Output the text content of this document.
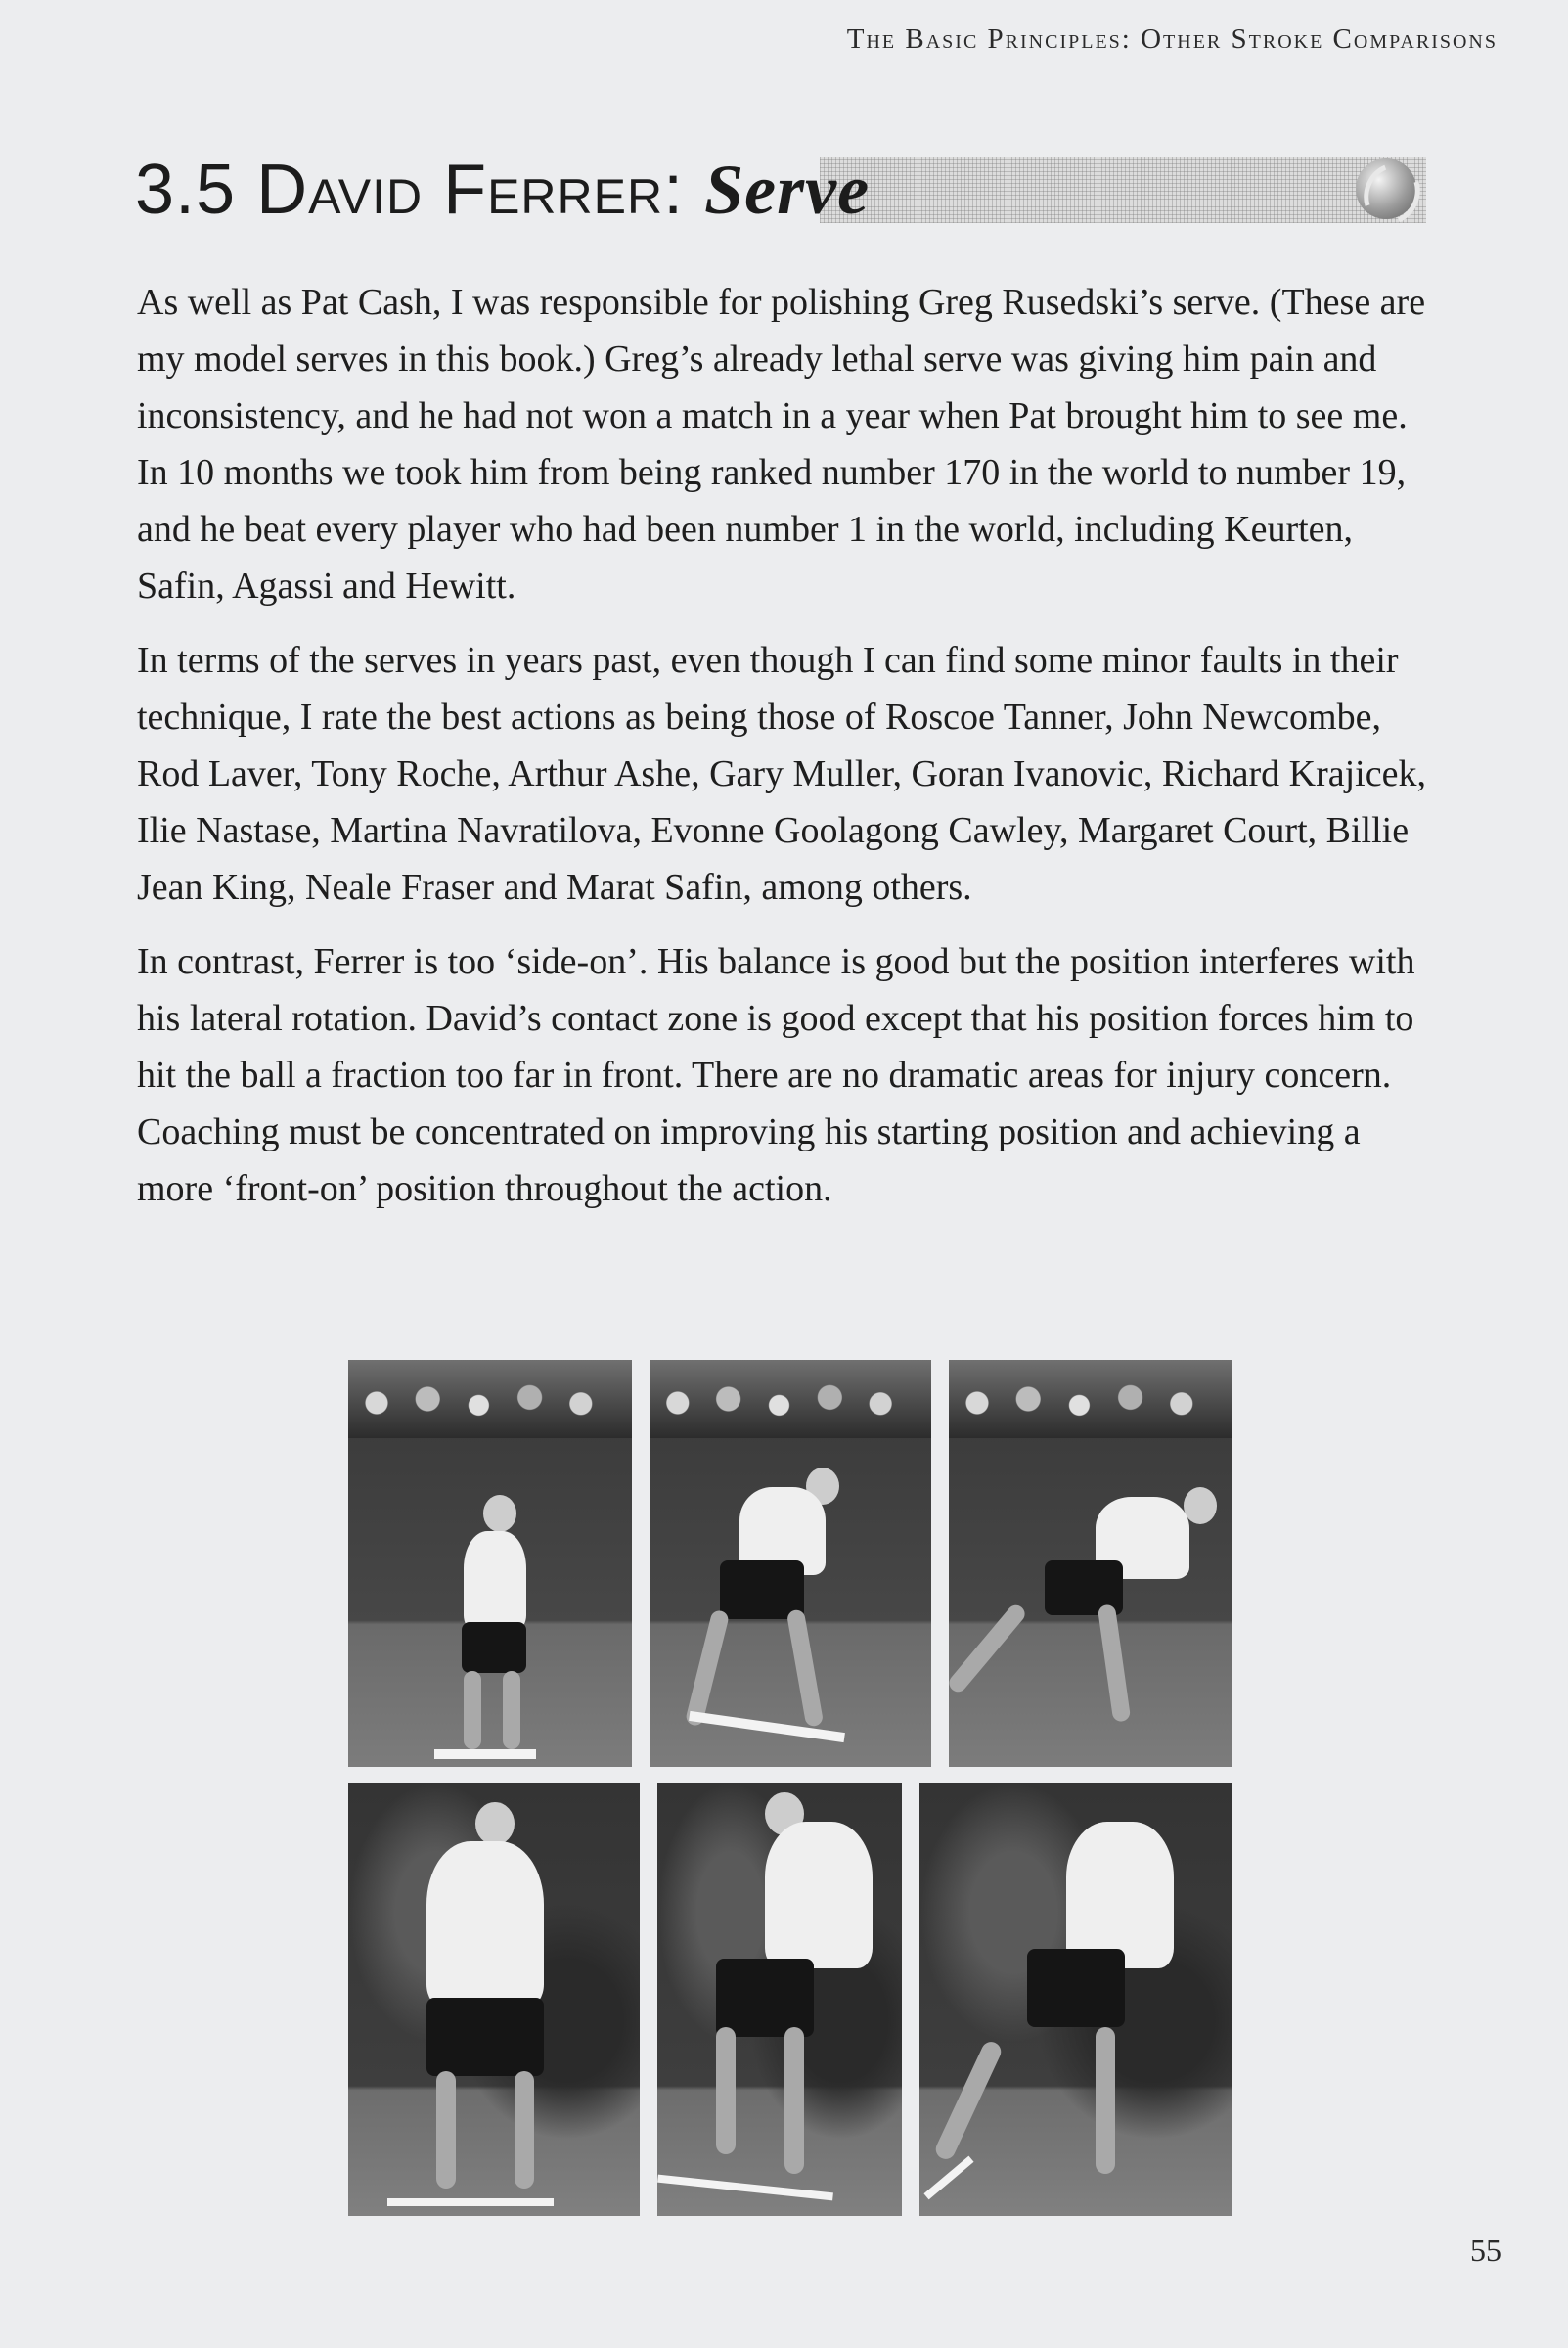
The Basic Principles: Other Stroke Comparisons
3.5 David Ferrer: Serve

As well as Pat Cash, I was responsible for polishing Greg Rusedski’s serve. (These are my model serves in this book.) Greg’s already lethal serve was giving him pain and inconsistency, and he had not won a match in a year when Pat brought him to see me. In 10 months we took him from being ranked number 170 in the world to number 19, and he beat every player who had been number 1 in the world, including Keurten, Safin, Agassi and Hewitt.

In terms of the serves in years past, even though I can find some minor faults in their technique, I rate the best actions as being those of Roscoe Tanner, John Newcombe, Rod Laver, Tony Roche, Arthur Ashe, Gary Muller, Goran Ivanovic, Richard Krajicek, Ilie Nastase, Martina Navratilova, Evonne Goolagong Cawley, Margaret Court, Billie Jean King, Neale Fraser and Marat Safin, among others.

In contrast, Ferrer is too ‘side-on’. His balance is good but the position interferes with his lateral rotation. David’s contact zone is good except that his position forces him to hit the ball a fraction too far in front. There are no dramatic areas for injury concern. Coaching must be concentrated on improving his starting position and achieving a more ‘front-on’ position throughout the action.

55
